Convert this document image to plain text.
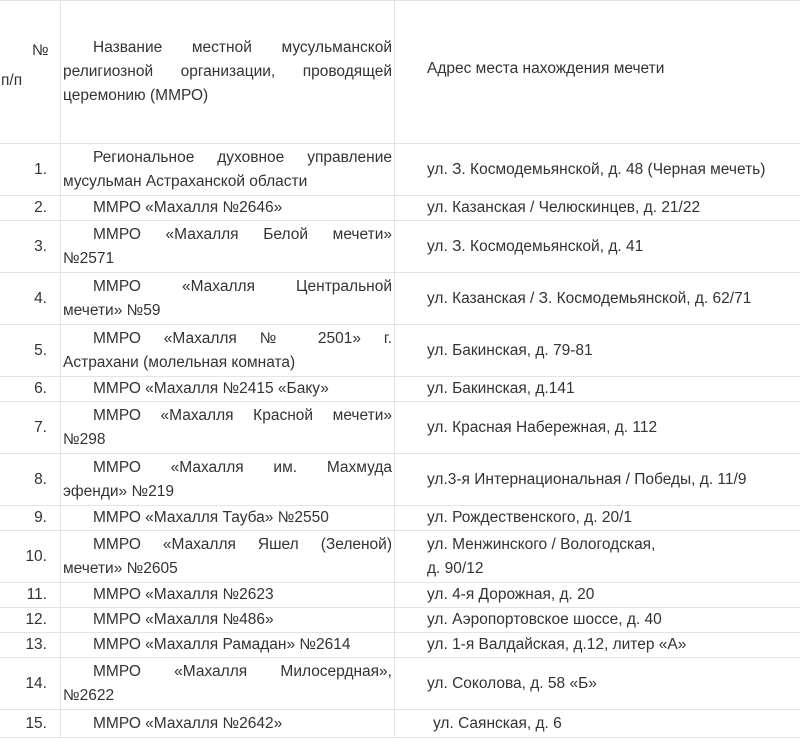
№
п/п	Название местной мусульманской
религиозной организации, проводящей
церемонию (ММРО)	Адрес места нахождения мечети
1.	Региональное духовное управление
мусульман Астраханской области	ул. З. Космодемьянской, д. 48 (Черная мечеть)

2.	ММРО «Махалля №2646»	ул. Казанская / Челюскинцев, д. 21/22

3.	ММРО «Махалля Белой мечети»
№2571	ул. З. Космодемьянской, д. 41

4.	ММРО «Махалля Центральной
мечети» №59	ул. Казанская / З. Космодемьянской, д. 62/71

5.	ММРО «Махалля № 2501» г.
Астрахани (молельная комната)	ул. Бакинская, д. 79-81

6.	ММРО «Махалля №2415 «Баку»	ул. Бакинская, д.141

7.	ММРО «Махалля Красной мечети»
№298	ул. Красная Набережная, д. 112

8.	ММРО «Махалля им. Махмуда
эфенди» №219	ул.3-я Интернациональная / Победы, д. 11/9

9.	ММРО «Махалля Тауба» №2550	ул. Рождественского, д. 20/1

10.	ММРО «Махалля Яшел (Зеленой)
мечети» №2605	ул. Менжинского / Вологодская,
д. 90/12

11.	ММРО «Махалля №2623	ул. 4-я Дорожная, д. 20

12.	ММРО «Махалля №486»	ул. Аэропортовское шоссе, д. 40

13.	ММРО «Махалля Рамадан» №2614	ул. 1-я Валдайская, д.12, литер «А»

14.	ММРО «Махалля Милосердная»,
№2622	ул. Соколова, д. 58 «Б»

15.	ММРО «Махалля №2642»	ул. Саянская, д. 6
